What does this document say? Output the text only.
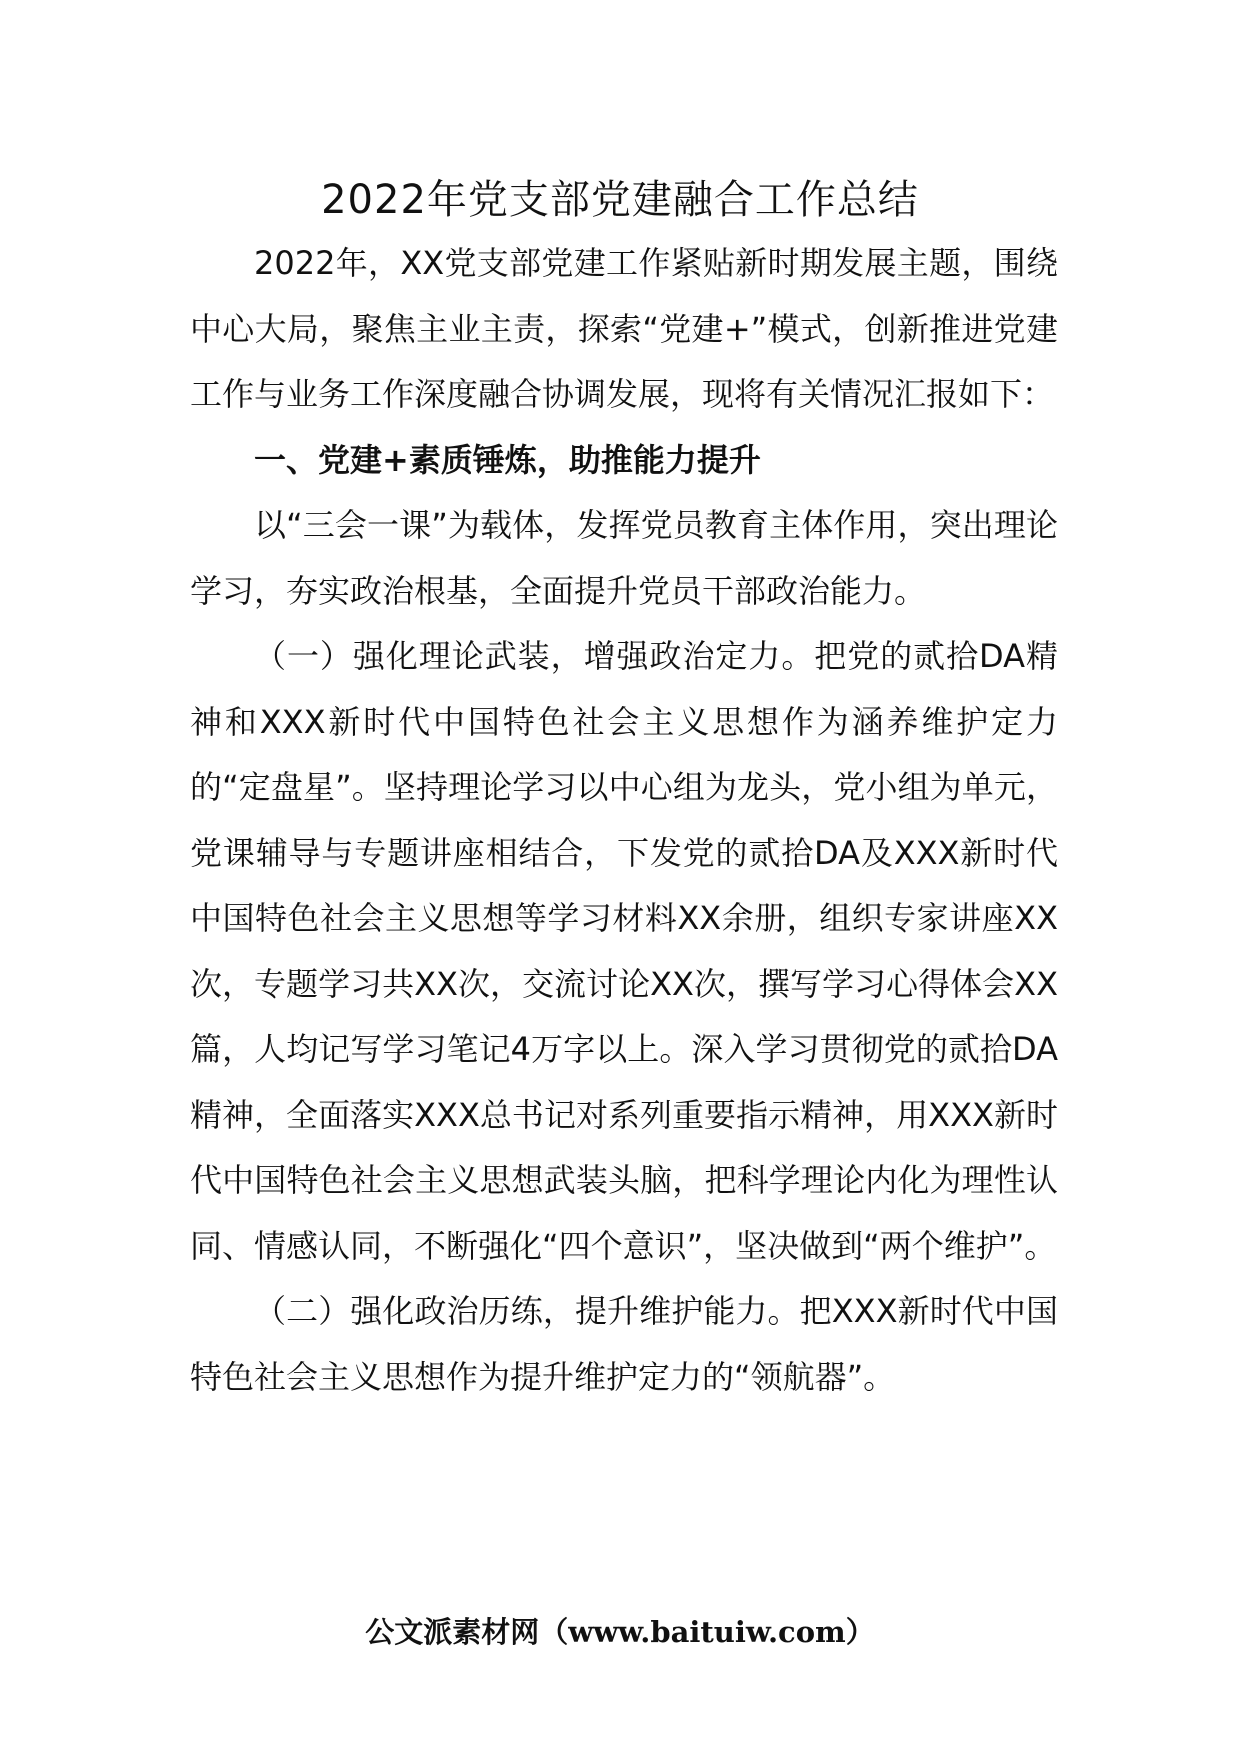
2022年党支部党建融合工作总结

2022年，XX党支部党建工作紧贴新时期发展主题，围绕中心大局，聚焦主业主责，探索“党建+”模式，创新推进党建工作与业务工作深度融合协调发展，现将有关情况汇报如下：

一、党建+素质锤炼，助推能力提升

以“三会一课”为载体，发挥党员教育主体作用，突出理论学习，夯实政治根基，全面提升党员干部政治能力。

（一）强化理论武装，增强政治定力。把党的贰拾DA精神和XXX新时代中国特色社会主义思想作为涵养维护定力的“定盘星”。坚持理论学习以中心组为龙头，党小组为单元，党课辅导与专题讲座相结合，下发党的贰拾DA及XXX新时代中国特色社会主义思想等学习材料XX余册，组织专家讲座XX次，专题学习共XX次，交流讨论XX次，撰写学习心得体会XX篇，人均记写学习笔记4万字以上。深入学习贯彻党的贰拾DA精神，全面落实XXX总书记对系列重要指示精神，用XXX新时代中国特色社会主义思想武装头脑，把科学理论内化为理性认同、情感认同，不断强化“四个意识”，坚决做到“两个维护”。

（二）强化政治历练，提升维护能力。把XXX新时代中国特色社会主义思想作为提升维护定力的“领航器”。

公文派素材网（www.baituiw.com）
